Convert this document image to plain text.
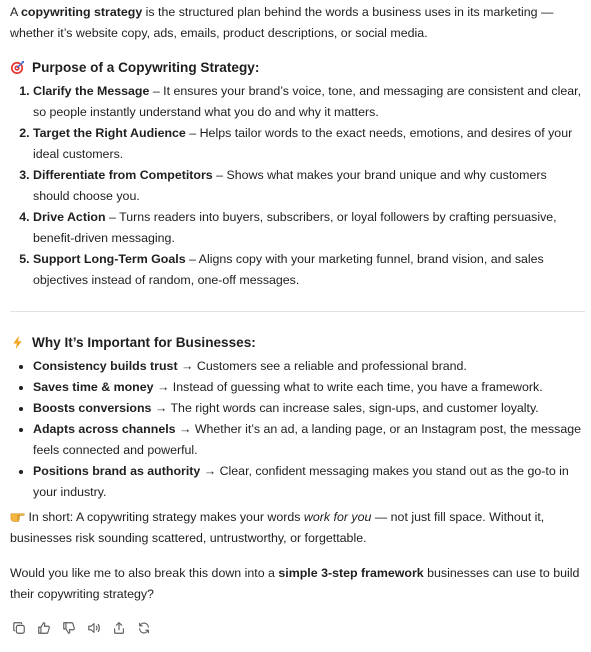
A copywriting strategy is the structured plan behind the words a business uses in its marketing — whether it’s website copy, ads, emails, product descriptions, or social media.

Purpose of a Copywriting Strategy:
1. Clarify the Message – It ensures your brand’s voice, tone, and messaging are consistent and clear, so people instantly understand what you do and why it matters.
2. Target the Right Audience – Helps tailor words to the exact needs, emotions, and desires of your ideal customers.
3. Differentiate from Competitors – Shows what makes your brand unique and why customers should choose you.
4. Drive Action – Turns readers into buyers, subscribers, or loyal followers by crafting persuasive, benefit-driven messaging.
5. Support Long-Term Goals – Aligns copy with your marketing funnel, brand vision, and sales objectives instead of random, one-off messages.
Why It’s Important for Businesses:
• Consistency builds trust → Customers see a reliable and professional brand.
• Saves time & money → Instead of guessing what to write each time, you have a framework.
• Boosts conversions → The right words can increase sales, sign-ups, and customer loyalty.
• Adapts across channels → Whether it’s an ad, a landing page, or an Instagram post, the message feels connected and powerful.
• Positions brand as authority → Clear, confident messaging makes you stand out as the go-to in your industry.

In short: A copywriting strategy makes your words work for you — not just fill space. Without it, businesses risk sounding scattered, untrustworthy, or forgettable.

Would you like me to also break this down into a simple 3-step framework businesses can use to build their copywriting strategy?
